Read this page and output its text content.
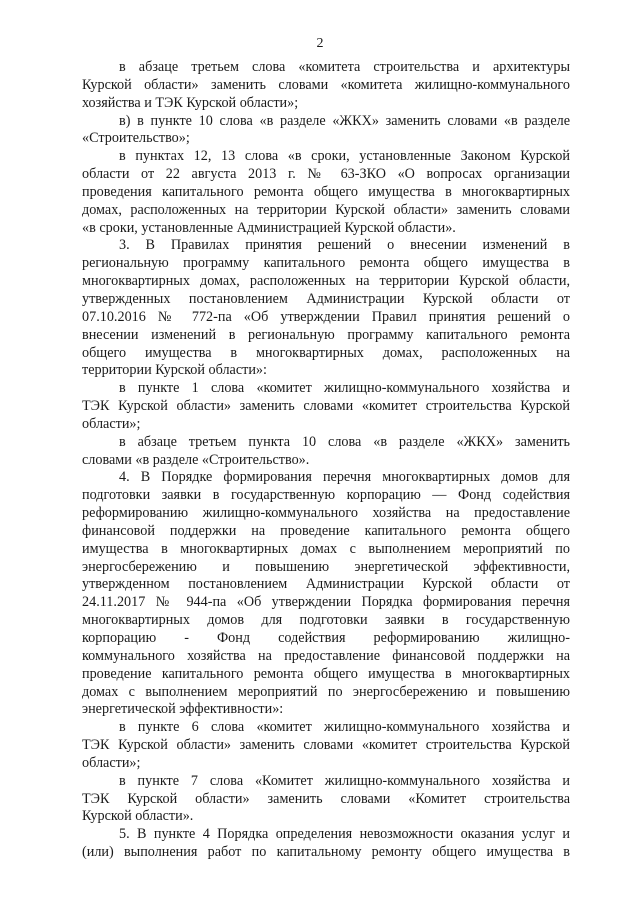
2
в абзаце третьем слова «комитета строительства и архитектуры
Курской области» заменить словами «комитета жилищно-коммунального
хозяйства и ТЭК Курской области»;
в) в пункте 10 слова «в разделе «ЖКХ» заменить словами «в разделе
«Строительство»;
в пунктах 12, 13 слова «в сроки, установленные Законом Курской
области от 22 августа 2013 г. № 63-ЗКО «О вопросах организации
проведения капитального ремонта общего имущества в многоквартирных
домах, расположенных на территории Курской области» заменить словами
«в сроки, установленные Администрацией Курской области».
3. В Правилах принятия решений о внесении изменений в
региональную программу капитального ремонта общего имущества в
многоквартирных домах, расположенных на территории Курской области,
утвержденных постановлением Администрации Курской области от
07.10.2016 № 772-па «Об утверждении Правил принятия решений о
внесении изменений в региональную программу капитального ремонта
общего имущества в многоквартирных домах, расположенных на
территории Курской области»:
в пункте 1 слова «комитет жилищно-коммунального хозяйства и
ТЭК Курской области» заменить словами «комитет строительства Курской
области»;
в абзаце третьем пункта 10 слова «в разделе «ЖКХ» заменить
словами «в разделе «Строительство».
4. В Порядке формирования перечня многоквартирных домов для
подготовки заявки в государственную корпорацию — Фонд содействия
реформированию жилищно-коммунального хозяйства на предоставление
финансовой поддержки на проведение капитального ремонта общего
имущества в многоквартирных домах с выполнением мероприятий по
энергосбережению и повышению энергетической эффективности,
утвержденном постановлением Администрации Курской области от
24.11.2017 № 944-па «Об утверждении Порядка формирования перечня
многоквартирных домов для подготовки заявки в государственную
корпорацию - Фонд содействия реформированию жилищно-
коммунального хозяйства на предоставление финансовой поддержки на
проведение капитального ремонта общего имущества в многоквартирных
домах с выполнением мероприятий по энергосбережению и повышению
энергетической эффективности»:
в пункте 6 слова «комитет жилищно-коммунального хозяйства и
ТЭК Курской области» заменить словами «комитет строительства Курской
области»;
в пункте 7 слова «Комитет жилищно-коммунального хозяйства и
ТЭК Курской области» заменить словами «Комитет строительства
Курской области».
5. В пункте 4 Порядка определения невозможности оказания услуг и
(или) выполнения работ по капитальному ремонту общего имущества в
